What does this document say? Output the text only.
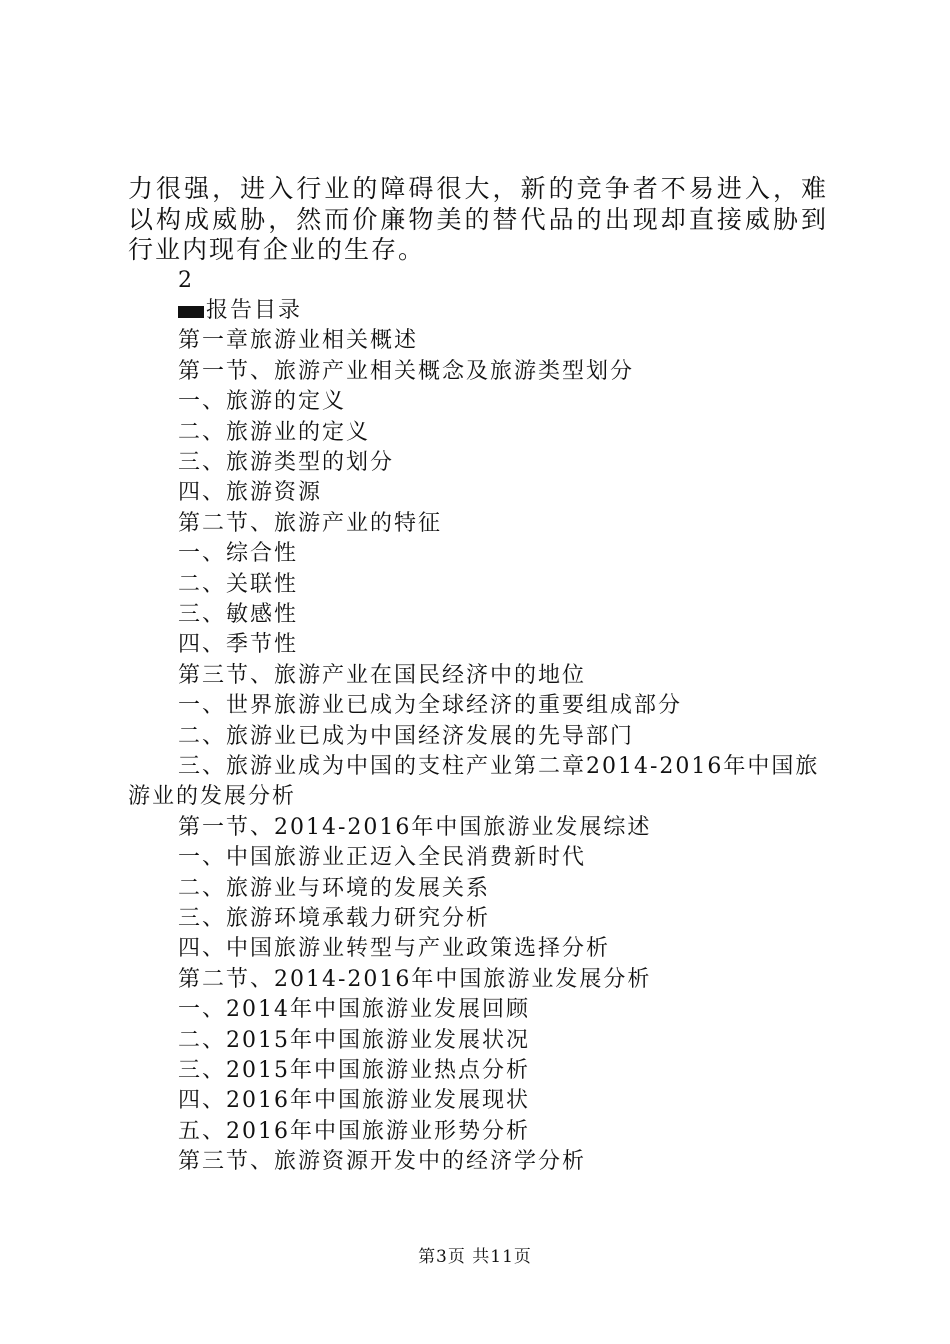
力很强，进入行业的障碍很大，新的竞争者不易进入，难以构成威胁，然而价廉物美的替代品的出现却直接威胁到行业内现有企业的生存。

2

报告目录

第一章旅游业相关概述

第一节、旅游产业相关概念及旅游类型划分

一、旅游的定义

二、旅游业的定义

三、旅游类型的划分

四、旅游资源

第二节、旅游产业的特征

一、综合性

二、关联性

三、敏感性

四、季节性

第三节、旅游产业在国民经济中的地位

一、世界旅游业已成为全球经济的重要组成部分

二、旅游业已成为中国经济发展的先导部门

三、旅游业成为中国的支柱产业第二章2014-2016年中国旅游业的发展分析

第一节、2014-2016年中国旅游业发展综述

一、中国旅游业正迈入全民消费新时代

二、旅游业与环境的发展关系

三、旅游环境承载力研究分析

四、中国旅游业转型与产业政策选择分析

第二节、2014-2016年中国旅游业发展分析

一、2014年中国旅游业发展回顾

二、2015年中国旅游业发展状况

三、2015年中国旅游业热点分析

四、2016年中国旅游业发展现状

五、2016年中国旅游业形势分析

第三节、旅游资源开发中的经济学分析

第3页 共11页
